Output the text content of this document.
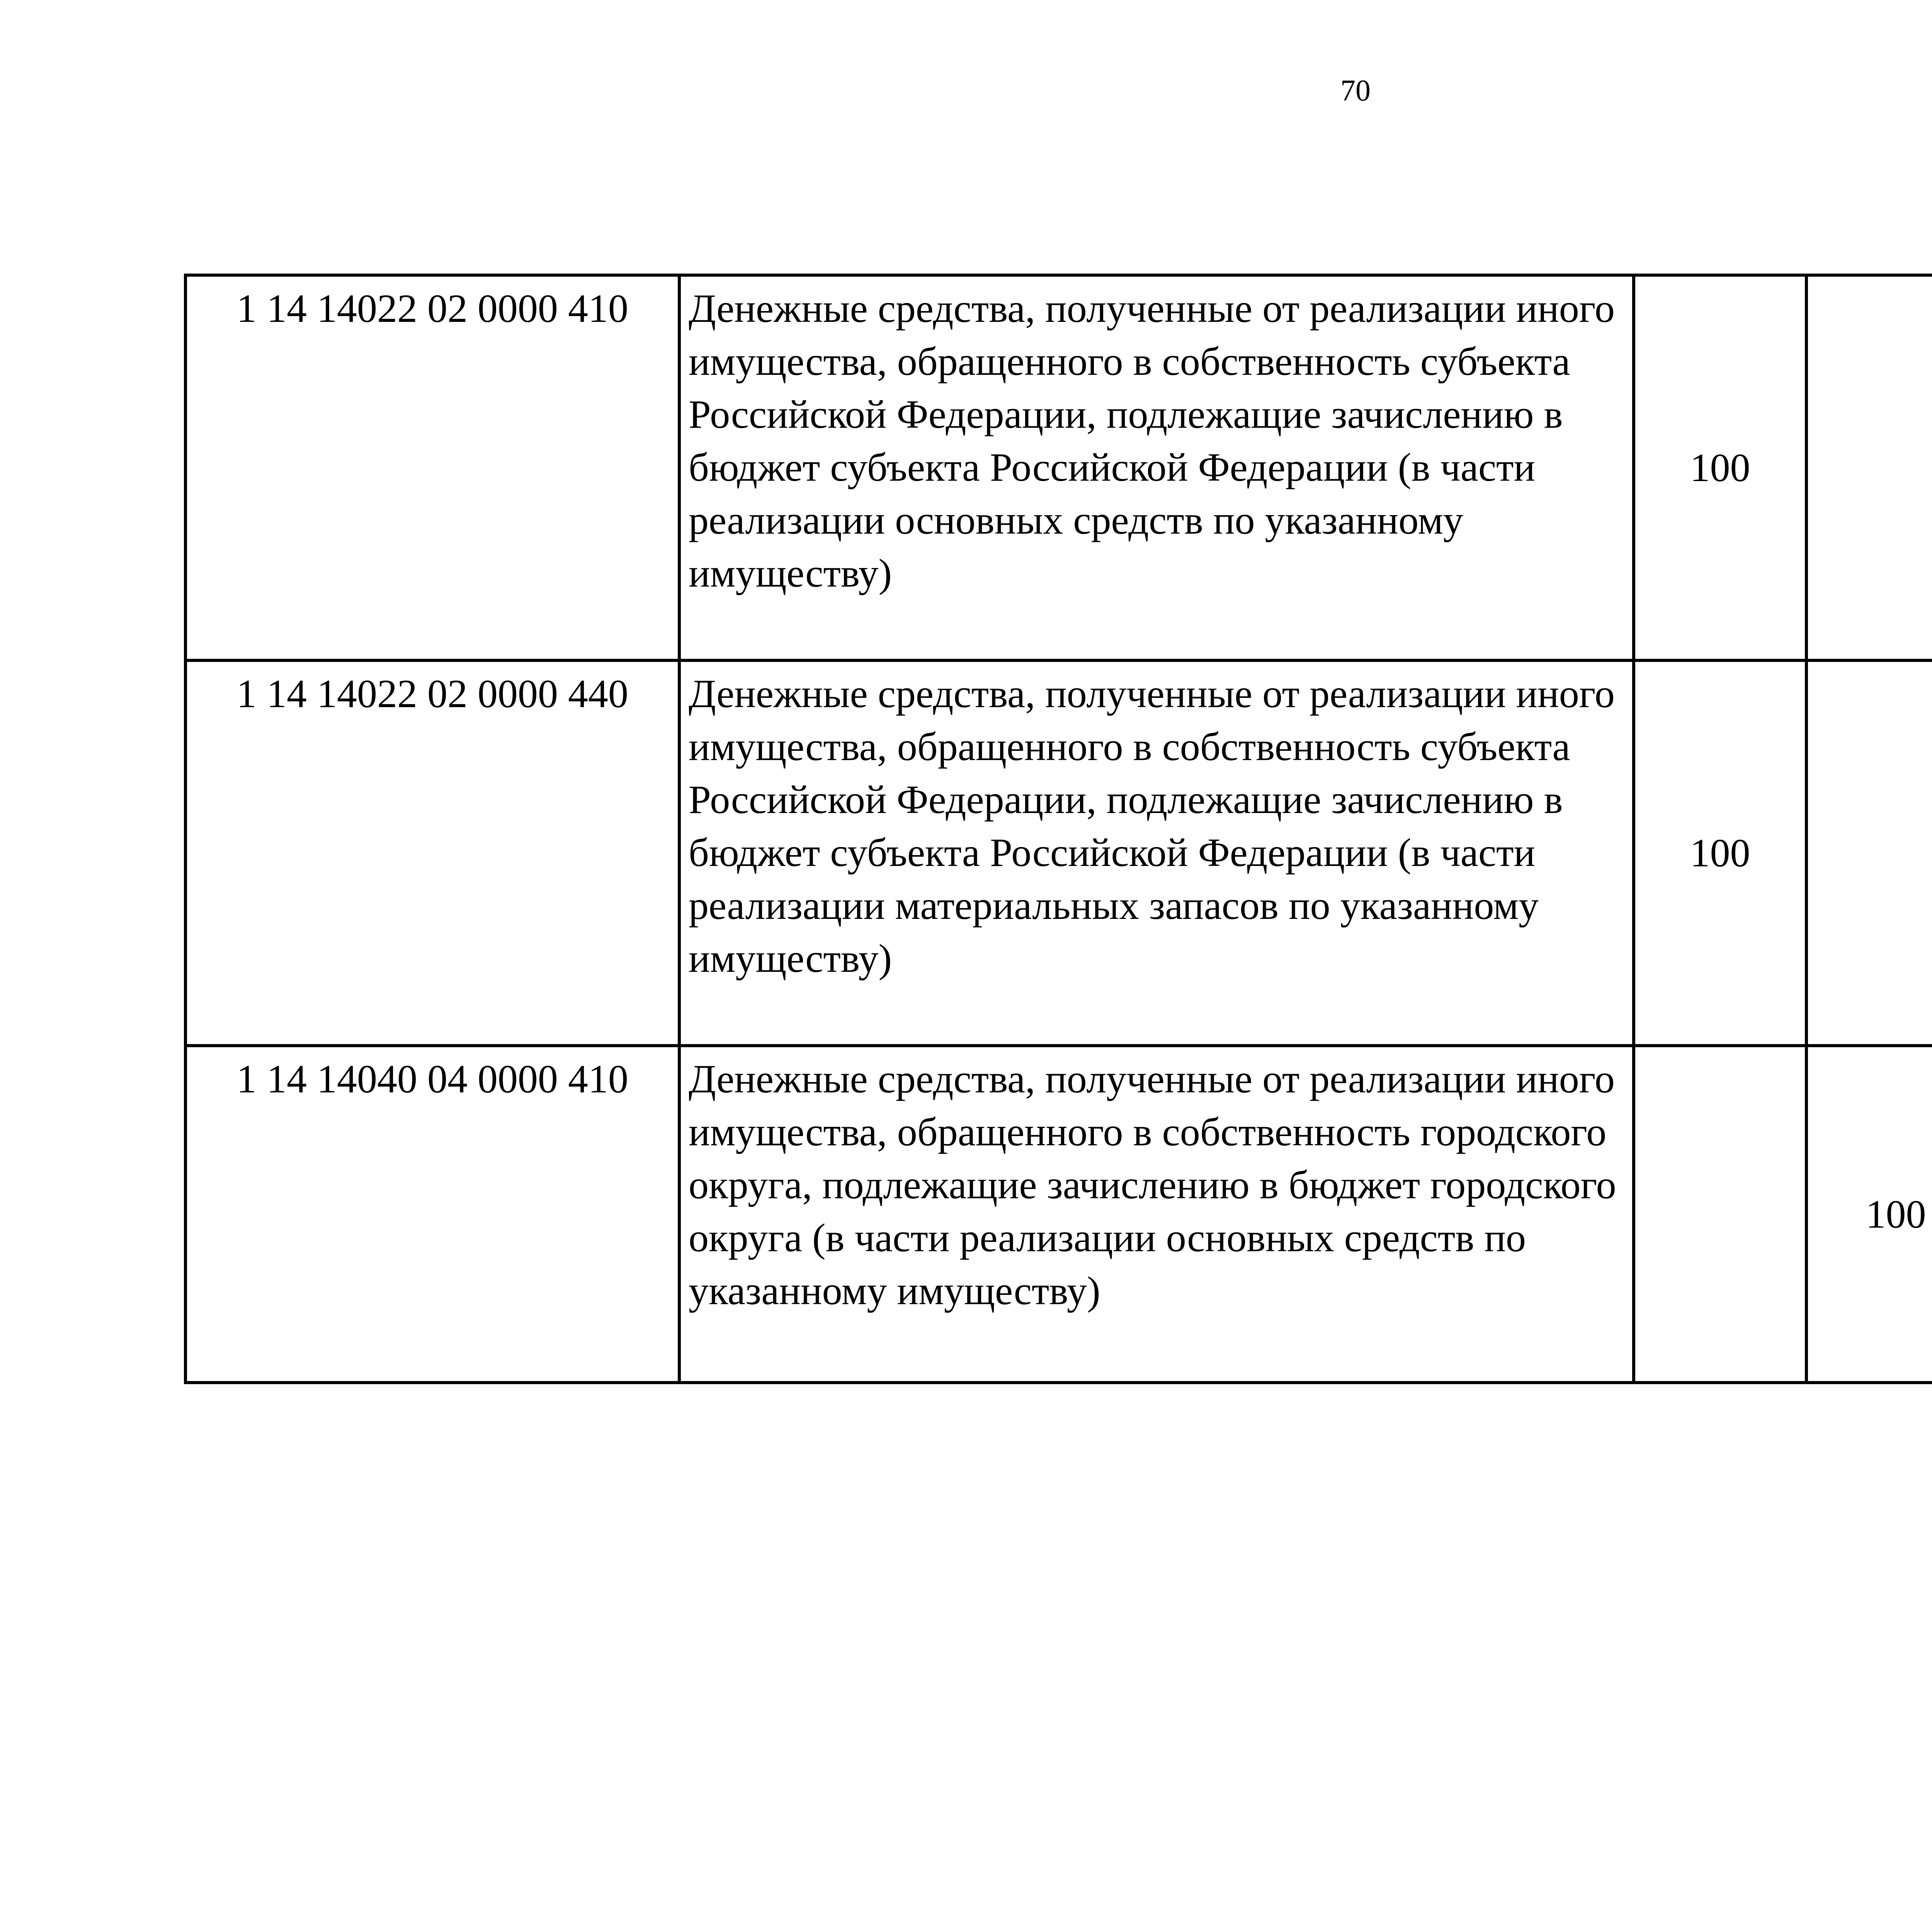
70
1 14 14022 02 0000 410	Денежные средства, полученные от реализации иного имущества, обращенного в собственность субъекта Российской Федерации, подлежащие зачислению в бюджет субъекта Российской Федерации (в части реализации основных средств по указанному имуществу)	100				
1 14 14022 02 0000 440	Денежные средства, полученные от реализации иного имущества, обращенного в собственность субъекта Российской Федерации, подлежащие зачислению в бюджет субъекта Российской Федерации (в части реализации материальных запасов по указанному имуществу)	100				
1 14 14040 04 0000 410	Денежные средства, полученные от реализации иного имущества, обращенного в собственность городского округа, подлежащие зачислению в бюджет городского округа (в части реализации основных средств по указанному имуществу)		100			
